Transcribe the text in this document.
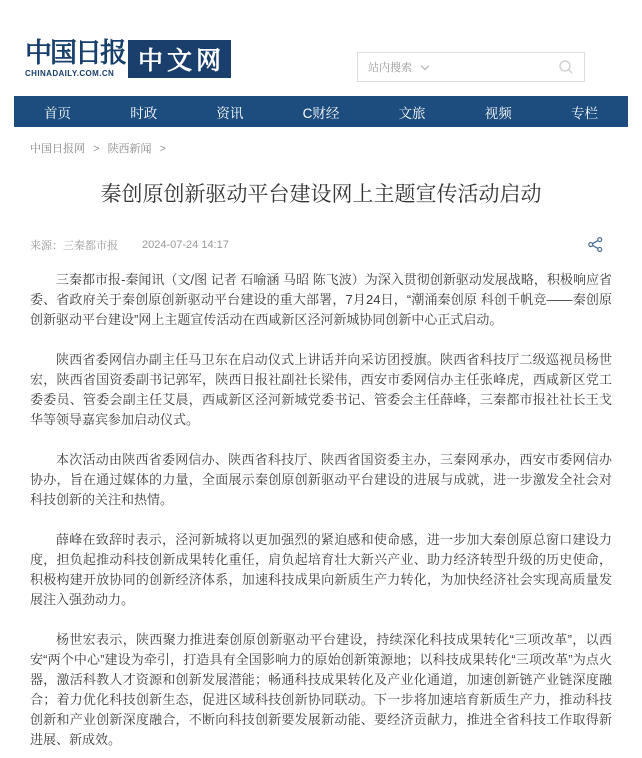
中国日报
CHINADAILY.COM.CN 中文网	站内搜索
首页	时政	资讯	C财经	文旅	视频	专栏
中国日报网 > 陕西新闻 >
秦创原创新驱动平台建设网上主题宣传活动启动
来源：三秦都市报 2024-07-24 14:17

三秦都市报-秦闻讯（文/图 记者 石喻涵 马昭 陈飞波）为深入贯彻创新驱动发展战略，积极响应省委、省政府关于秦创原创新驱动平台建设的重大部署，7月24日，“潮涌秦创原 科创千帆竞——秦创原创新驱动平台建设”网上主题宣传活动在西咸新区泾河新城协同创新中心正式启动。

陕西省委网信办副主任马卫东在启动仪式上讲话并向采访团授旗。陕西省科技厅二级巡视员杨世宏，陕西省国资委副书记郭军，陕西日报社副社长梁伟，西安市委网信办主任张峰虎，西咸新区党工委委员、管委会副主任艾晨，西咸新区泾河新城党委书记、管委会主任薛峰，三秦都市报社社长王戈华等领导嘉宾参加启动仪式。

本次活动由陕西省委网信办、陕西省科技厅、陕西省国资委主办，三秦网承办，西安市委网信办协办，旨在通过媒体的力量，全面展示秦创原创新驱动平台建设的进展与成就，进一步激发全社会对科技创新的关注和热情。

薛峰在致辞时表示，泾河新城将以更加强烈的紧迫感和使命感，进一步加大秦创原总窗口建设力度，担负起推动科技创新成果转化重任，肩负起培育壮大新兴产业、助力经济转型升级的历史使命，积极构建开放协同的创新经济体系，加速科技成果向新质生产力转化，为加快经济社会实现高质量发展注入强劲动力。

杨世宏表示，陕西聚力推进秦创原创新驱动平台建设，持续深化科技成果转化“三项改革”，以西安“两个中心”建设为牵引，打造具有全国影响力的原始创新策源地；以科技成果转化“三项改革”为点火器，激活科教人才资源和创新发展潜能；畅通科技成果转化及产业化通道，加速创新链产业链深度融合；着力优化科技创新生态，促进区域科技创新协同联动。下一步将加速培育新质生产力，推动科技创新和产业创新深度融合，不断向科技创新要发展新动能、要经济贡献力，推进全省科技工作取得新进展、新成效。
